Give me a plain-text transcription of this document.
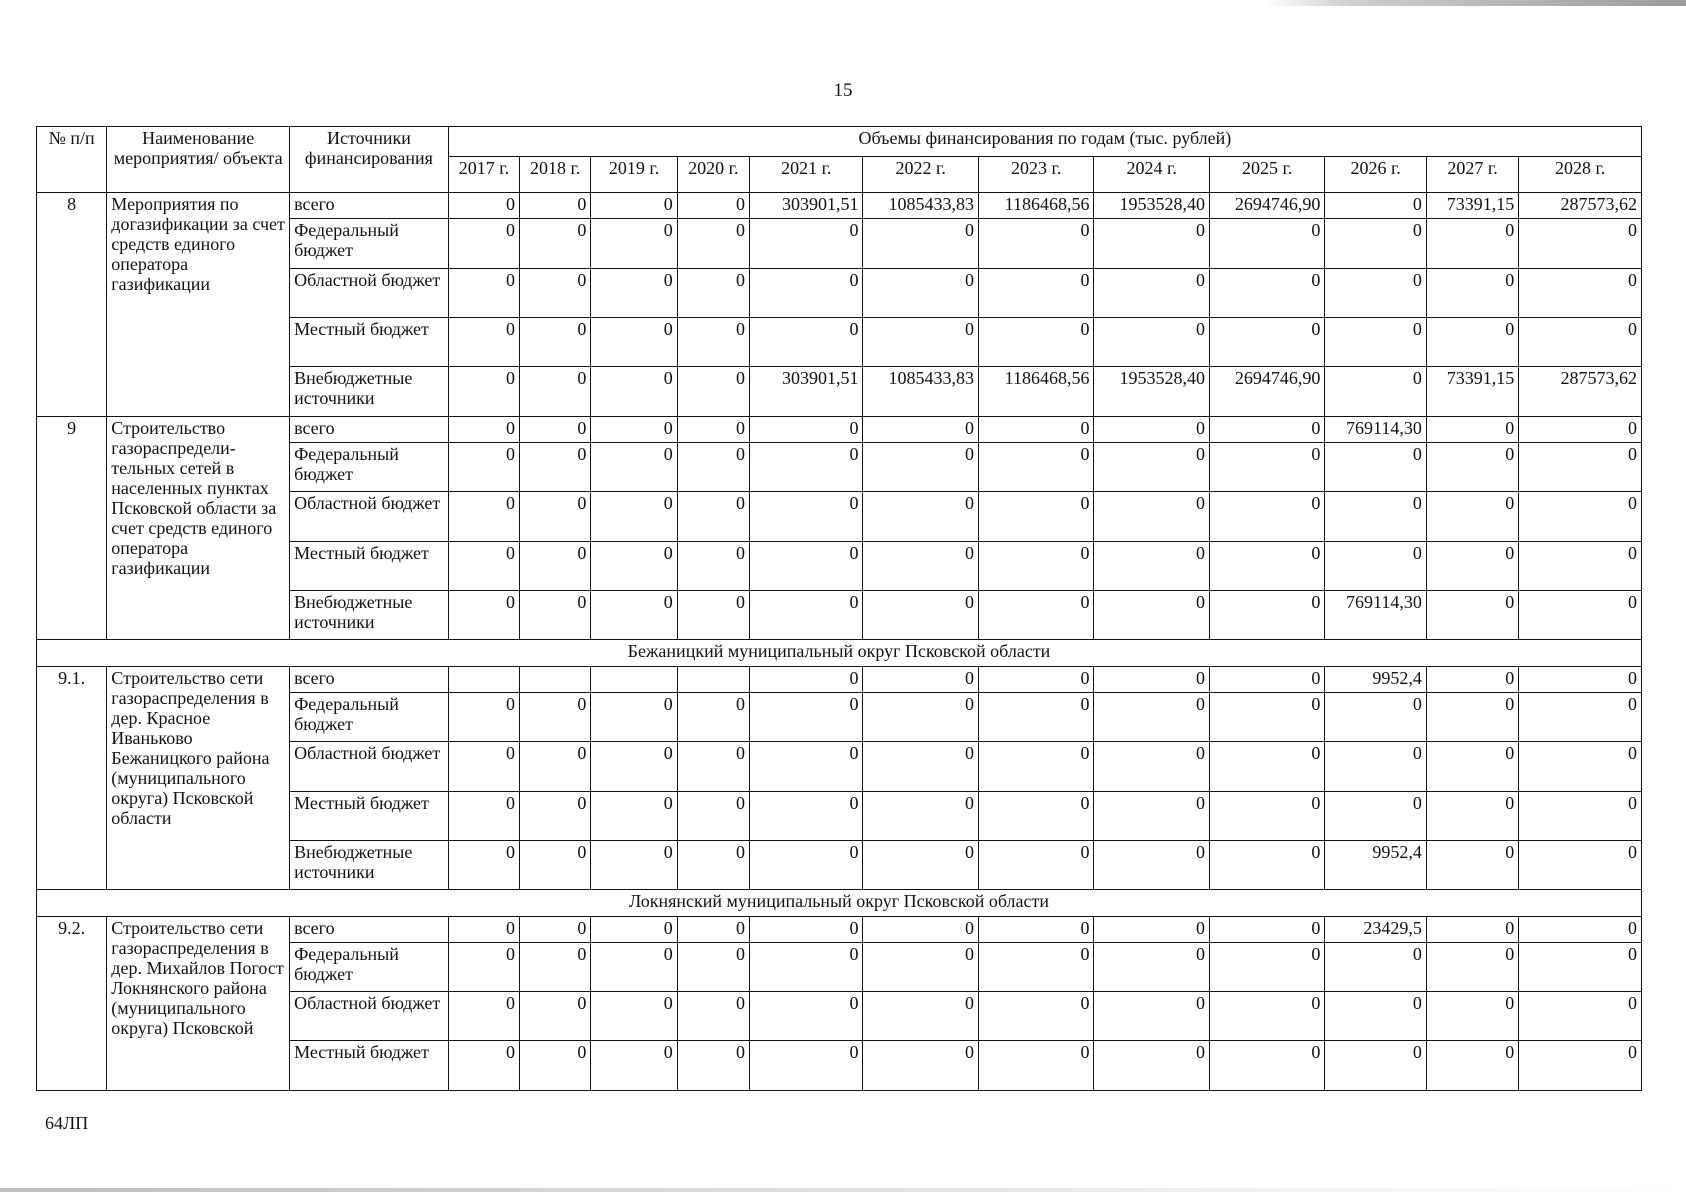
15
№ п/п	Наименование мероприятия/ объекта	Источники финансирования	Объемы финансирования по годам (тыс. рублей)											
			2017 г.	2018 г.	2019 г.	2020 г.	2021 г.	2022 г.	2023 г.	2024 г.	2025 г.	2026 г.	2027 г.	2028 г.
8	Мероприятия по догазификации за счет средств единого оператора газификации	всего	0	0	0	0	303901,51	1085433,83	1186468,56	1953528,40	2694746,90	0	73391,15	287573,62
		Федеральный бюджет	0	0	0	0	0	0	0	0	0	0	0	0
		Областной бюджет	0	0	0	0	0	0	0	0	0	0	0	0
		Местный бюджет	0	0	0	0	0	0	0	0	0	0	0	0
		Внебюджетные источники	0	0	0	0	303901,51	1085433,83	1186468,56	1953528,40	2694746,90	0	73391,15	287573,62
9	Строительство газораспредели-тельных сетей в населенных пунктах Псковской области за счет средств единого оператора газификации	всего	0	0	0	0	0	0	0	0	0	769114,30	0	0
		Федеральный бюджет	0	0	0	0	0	0	0	0	0	0	0	0
		Областной бюджет	0	0	0	0	0	0	0	0	0	0	0	0
		Местный бюджет	0	0	0	0	0	0	0	0	0	0	0	0
		Внебюджетные источники	0	0	0	0	0	0	0	0	0	769114,30	0	0
Бежаницкий муниципальный округ Псковской области														
9.1.	Строительство сети газораспределения в дер. Красное Иваньково Бежаницкого района (муниципального округа) Псковской области	всего					0	0	0	0	0	9952,4	0	0
		Федеральный бюджет	0	0	0	0	0	0	0	0	0	0	0	0
		Областной бюджет	0	0	0	0	0	0	0	0	0	0	0	0
		Местный бюджет	0	0	0	0	0	0	0	0	0	0	0	0
		Внебюджетные источники	0	0	0	0	0	0	0	0	0	9952,4	0	0
Локнянский муниципальный округ Псковской области														
9.2.	Строительство сети газораспределения в дер. Михайлов Погост Локнянского района (муниципального округа) Псковской	всего	0	0	0	0	0	0	0	0	0	23429,5	0	0
		Федеральный бюджет	0	0	0	0	0	0	0	0	0	0	0	0
		Областной бюджет	0	0	0	0	0	0	0	0	0	0	0	0
		Местный бюджет	0	0	0	0	0	0	0	0	0	0	0	0
64ЛП
